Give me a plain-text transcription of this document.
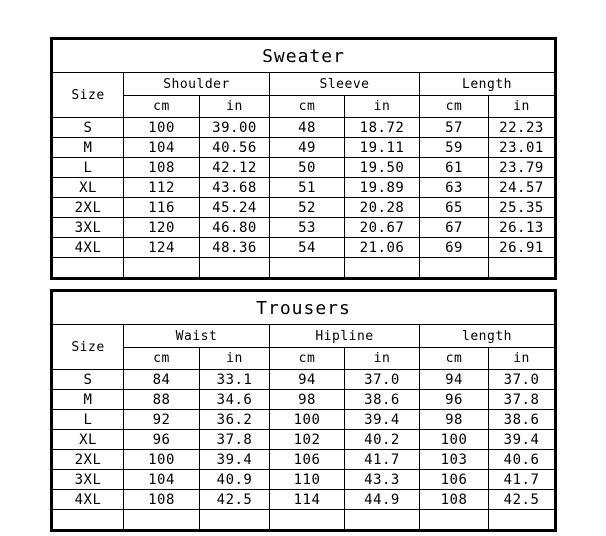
Sweater						
Size	Shoulder		Sleeve		Length	
	cm	in	cm	in	cm	in
S	100	39.00	48	18.72	57	22.23
M	104	40.56	49	19.11	59	23.01
L	108	42.12	50	19.50	61	23.79
XL	112	43.68	51	19.89	63	24.57
2XL	116	45.24	52	20.28	65	25.35
3XL	120	46.80	53	20.67	67	26.13
4XL	124	48.36	54	21.06	69	26.91

Trousers						
Size	Waist		Hipline		length	
	cm	in	cm	in	cm	in
S	84	33.1	94	37.0	94	37.0
M	88	34.6	98	38.6	96	37.8
L	92	36.2	100	39.4	98	38.6
XL	96	37.8	102	40.2	100	39.4
2XL	100	39.4	106	41.7	103	40.6
3XL	104	40.9	110	43.3	106	41.7
4XL	108	42.5	114	44.9	108	42.5
